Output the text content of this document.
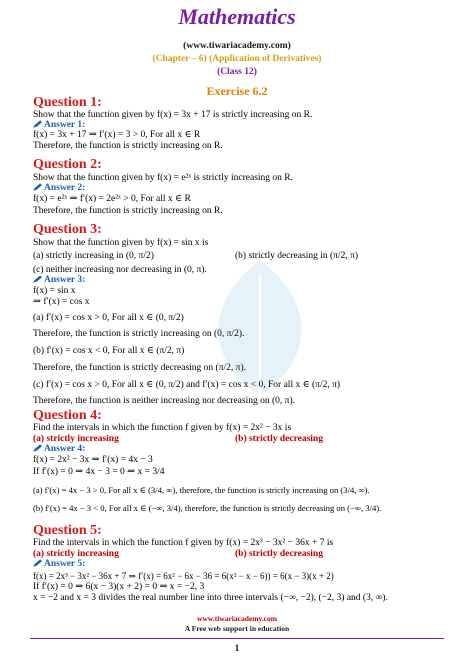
Mathematics
(www.tiwariacademy.com)
(Chapter – 6) (Application of Derivatives)
(Class 12)
Exercise 6.2
Question 1:
Show that the function given by f(x) = 3x + 17 is strictly increasing on R.
Answer 1:
f(x) = 3x + 17 ⇒ f′(x) = 3 > 0, For all x ∈ R
Therefore, the function is strictly increasing on R.
Question 2:
Show that the function given by f(x) = e²ˣ is strictly increasing on R.
Answer 2:
f(x) = e²ˣ ⇒ f′(x) = 2e²ˣ > 0, For all x ∈ R
Therefore, the function is strictly increasing on R.
Question 3:
Show that the function given by f(x) = sin x is
(a) strictly increasing in (0, π/2)	(b) strictly decreasing in (π/2, π)
(c) neither increasing nor decreasing in (0, π).
Answer 3:
f(x) = sin x
⇒ f′(x) = cos x
(a) f′(x) = cos x > 0, For all x ∈ (0, π/2)
Therefore, the function is strictly increasing on (0, π/2).
(b) f′(x) = cos x < 0, For all x ∈ (π/2, π)
Therefore, the function is strictly decreasing on (π/2, π).
(c) f′(x) = cos x > 0, For all x ∈ (0, π/2) and f′(x) = cos x < 0, For all x ∈ (π/2, π)
Therefore, the function is neither increasing nor decreasing on (0, π).
Question 4:
Find the intervals in which the function f given by f(x) = 2x² − 3x is
(a) strictly increasing	(b) strictly decreasing
Answer 4:
f(x) = 2x² − 3x ⇒ f′(x) = 4x − 3
If f′(x) = 0 ⇒ 4x − 3 = 0 ⇒ x = 3/4
(a) f′(x) = 4x − 3 > 0, For all x ∈ (3/4, ∞), therefore, the function is strictly increasing on (3/4, ∞).
(b) f′(x) = 4x − 3 < 0, For all x ∈ (−∞, 3/4), therefore, the function is strictly decreasing on (−∞, 3/4).
Question 5:
Find the intervals in which the function f given by f(x) = 2x³ − 3x² − 36x + 7 is
(a) strictly increasing	(b) strictly decreasing
Answer 5:
f(x) = 2x³ − 3x² − 36x + 7 ⇒ f′(x) = 6x² − 6x − 36 = 6(x² − x − 6)) = 6(x − 3)(x + 2)
If f′(x) = 0 ⇒ 6(x − 3)(x + 2) = 0 ⇒ x = −2, 3
x = −2 and x = 3 divides the real number line into three intervals (−∞, −2), (−2, 3) and (3, ∞).
www.tiwariacademy.com
A Free web support in education
1
